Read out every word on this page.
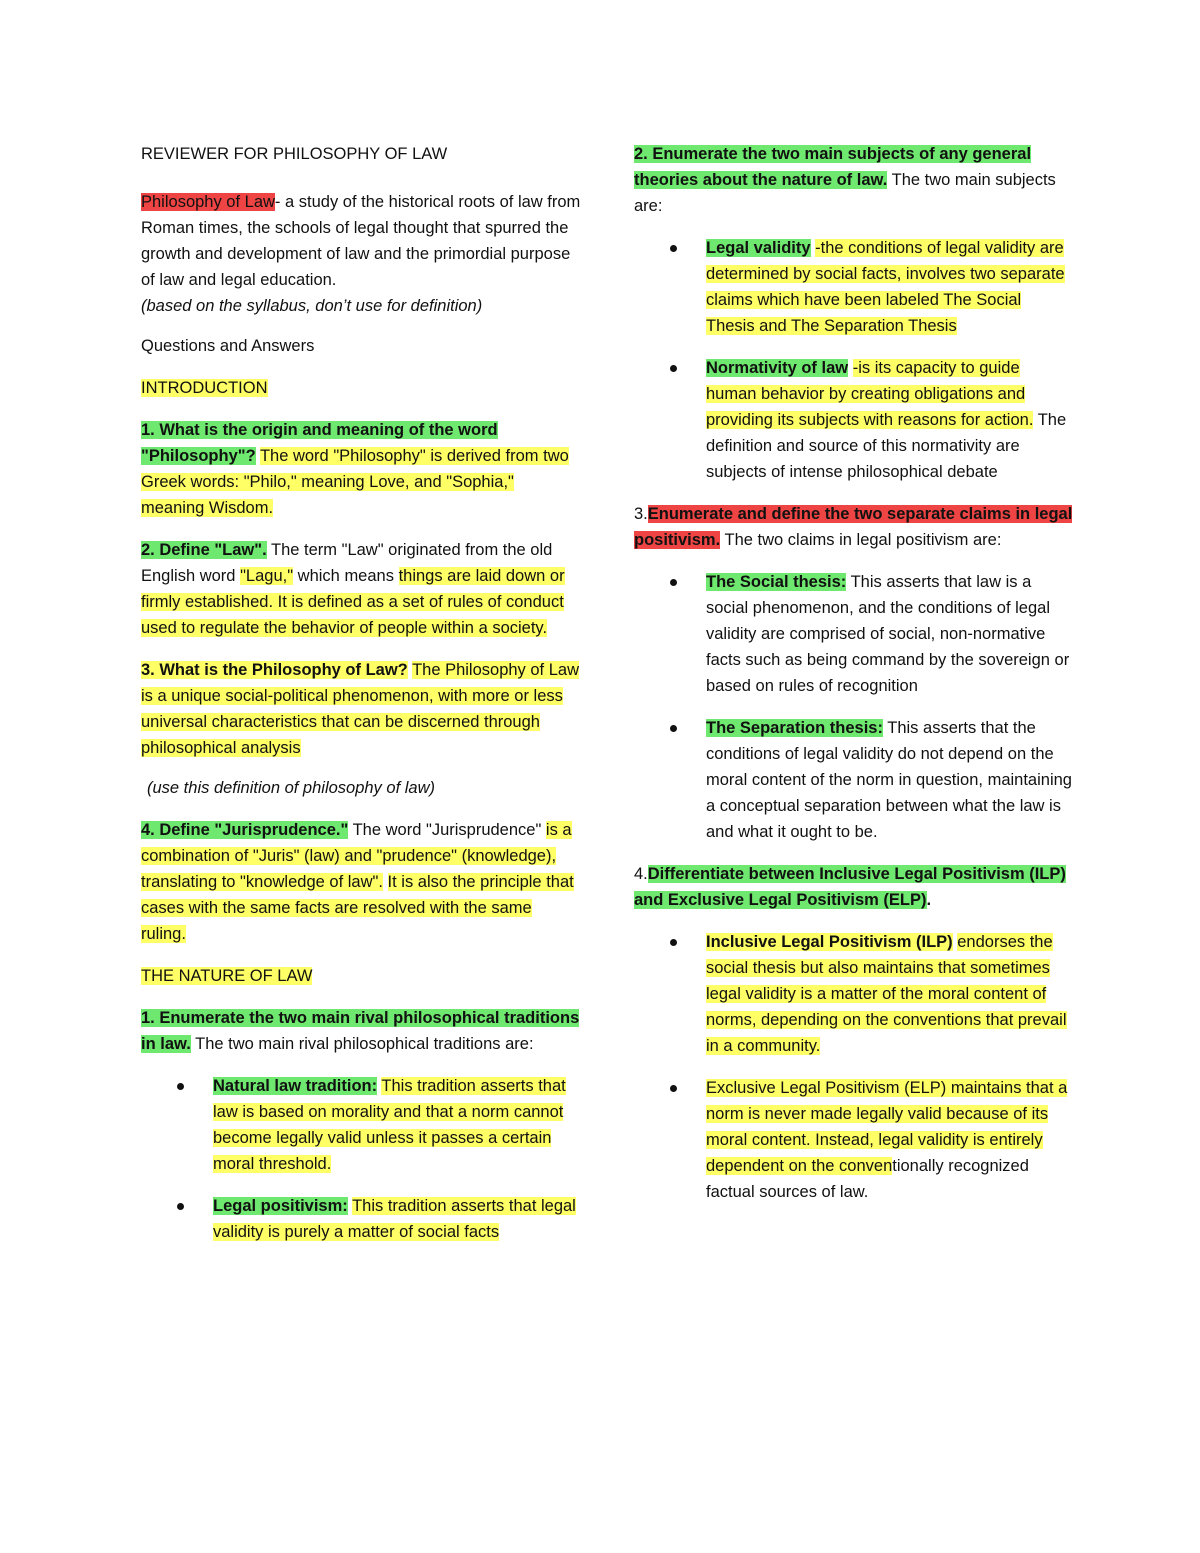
REVIEWER FOR PHILOSOPHY OF LAW

Philosophy of Law- a study of the historical roots of law from Roman times, the schools of legal thought that spurred the growth and development of law and the primordial purpose of law and legal education.
(based on the syllabus, don’t use for definition)

Questions and Answers

INTRODUCTION

1. What is the origin and meaning of the word "Philosophy"? The word "Philosophy" is derived from two Greek words: "Philo," meaning Love, and "Sophia," meaning Wisdom.

2. Define "Law". The term "Law" originated from the old English word "Lagu," which means things are laid down or firmly established. It is defined as a set of rules of conduct used to regulate the behavior of people within a society.

3. What is the Philosophy of Law? The Philosophy of Law is a unique social-political phenomenon, with more or less universal characteristics that can be discerned through philosophical analysis

(use this definition of philosophy of law)

4. Define "Jurisprudence." The word "Jurisprudence" is a combination of "Juris" (law) and "prudence" (knowledge), translating to "knowledge of law". It is also the principle that cases with the same facts are resolved with the same ruling.

THE NATURE OF LAW

1. Enumerate the two main rival philosophical traditions in law. The two main rival philosophical traditions are:

Natural law tradition: This tradition asserts that law is based on morality and that a norm cannot become legally valid unless it passes a certain moral threshold.
Legal positivism: This tradition asserts that legal validity is purely a matter of social facts

2. Enumerate the two main subjects of any general theories about the nature of law. The two main subjects are:

Legal validity -the conditions of legal validity are determined by social facts, involves two separate claims which have been labeled The Social Thesis and The Separation Thesis
Normativity of law -is its capacity to guide human behavior by creating obligations and providing its subjects with reasons for action. The definition and source of this normativity are subjects of intense philosophical debate

3.Enumerate and define the two separate claims in legal positivism. The two claims in legal positivism are:

The Social thesis: This asserts that law is a social phenomenon, and the conditions of legal validity are comprised of social, non-normative facts such as being command by the sovereign or based on rules of recognition
The Separation thesis: This asserts that the conditions of legal validity do not depend on the moral content of the norm in question, maintaining a conceptual separation between what the law is and what it ought to be.

4.Differentiate between Inclusive Legal Positivism (ILP) and Exclusive Legal Positivism (ELP).

Inclusive Legal Positivism (ILP) endorses the social thesis but also maintains that sometimes legal validity is a matter of the moral content of norms, depending on the conventions that prevail in a community.
Exclusive Legal Positivism (ELP) maintains that a norm is never made legally valid because of its moral content. Instead, legal validity is entirely dependent on the conventionally recognized factual sources of law.
